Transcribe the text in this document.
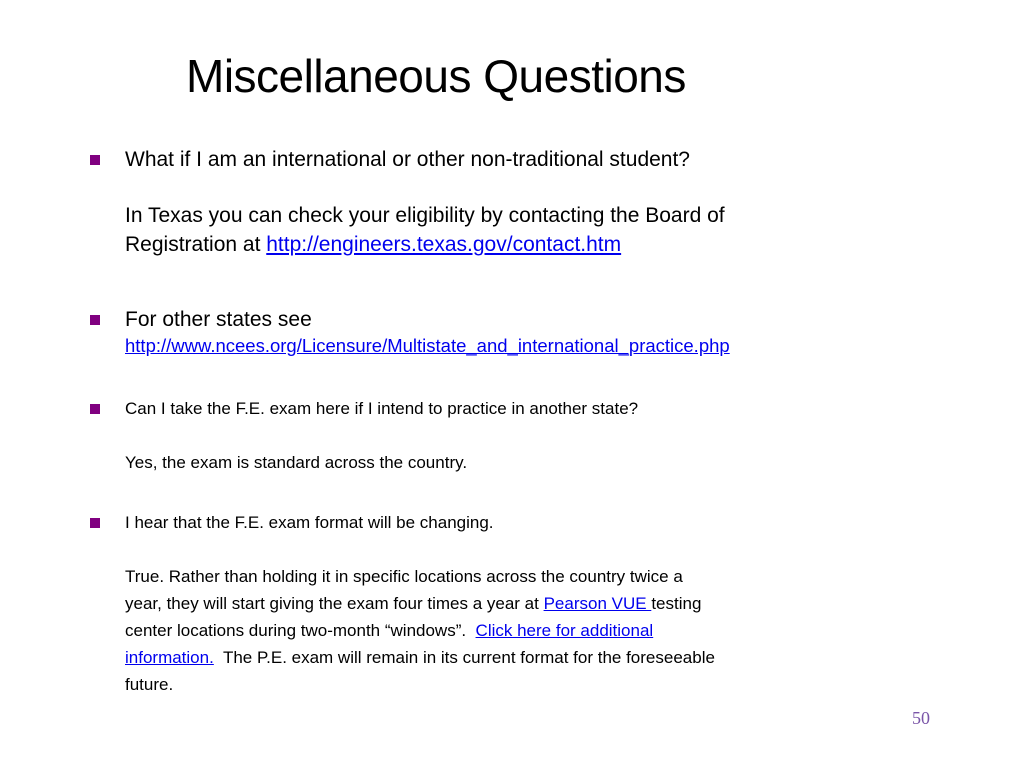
Miscellaneous Questions
What if I am an international or other non-traditional student?
In Texas you can check your eligibility by contacting the Board of
Registration at http://engineers.texas.gov/contact.htm
For other states see
http://www.ncees.org/Licensure/Multistate_and_international_practice.php
Can I take the F.E. exam here if I intend to practice in another state?
Yes, the exam is standard across the country.
I hear that the F.E. exam format will be changing.
True. Rather than holding it in specific locations across the country twice a
year, they will start giving the exam four times a year at Pearson VUE testing
center locations during two-month “windows”.  Click here for additional
information.  The P.E. exam will remain in its current format for the foreseeable
future.
50
